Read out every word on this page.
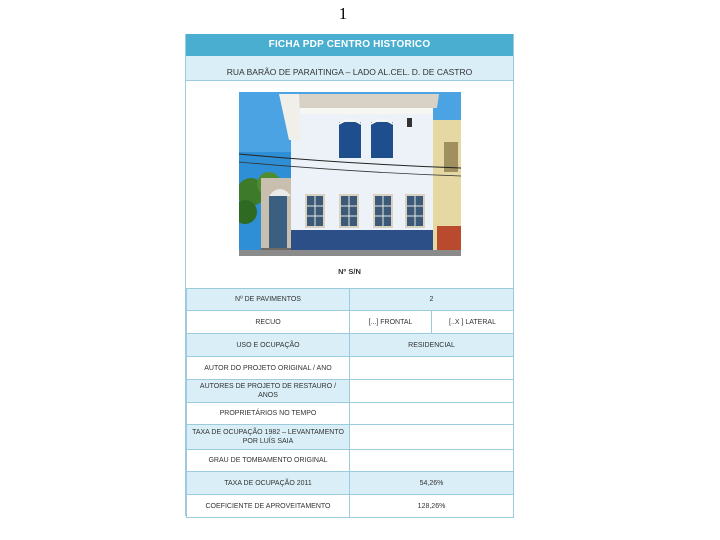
1
FICHA PDP CENTRO HISTORICO
RUA BARÃO DE PARAITINGA – LADO AL.CEL. D. DE CASTRO
Nº S/N
Nº DE PAVIMENTOS	2	
RECUO	[...] FRONTAL	[..X ] LATERAL
USO E OCUPAÇÃO	RESIDENCIAL	
AUTOR DO PROJETO ORIGINAL / ANO		
AUTORES DE PROJETO DE RESTAURO / ANOS		
PROPRIETÁRIOS NO TEMPO		
TAXA DE OCUPAÇÃO 1982 – LEVANTAMENTO POR LUÍS SAIA		
GRAU DE TOMBAMENTO ORIGINAL		
TAXA DE OCUPAÇÃO 2011	54,26%	
COEFICIENTE DE APROVEITAMENTO	128,26%	
